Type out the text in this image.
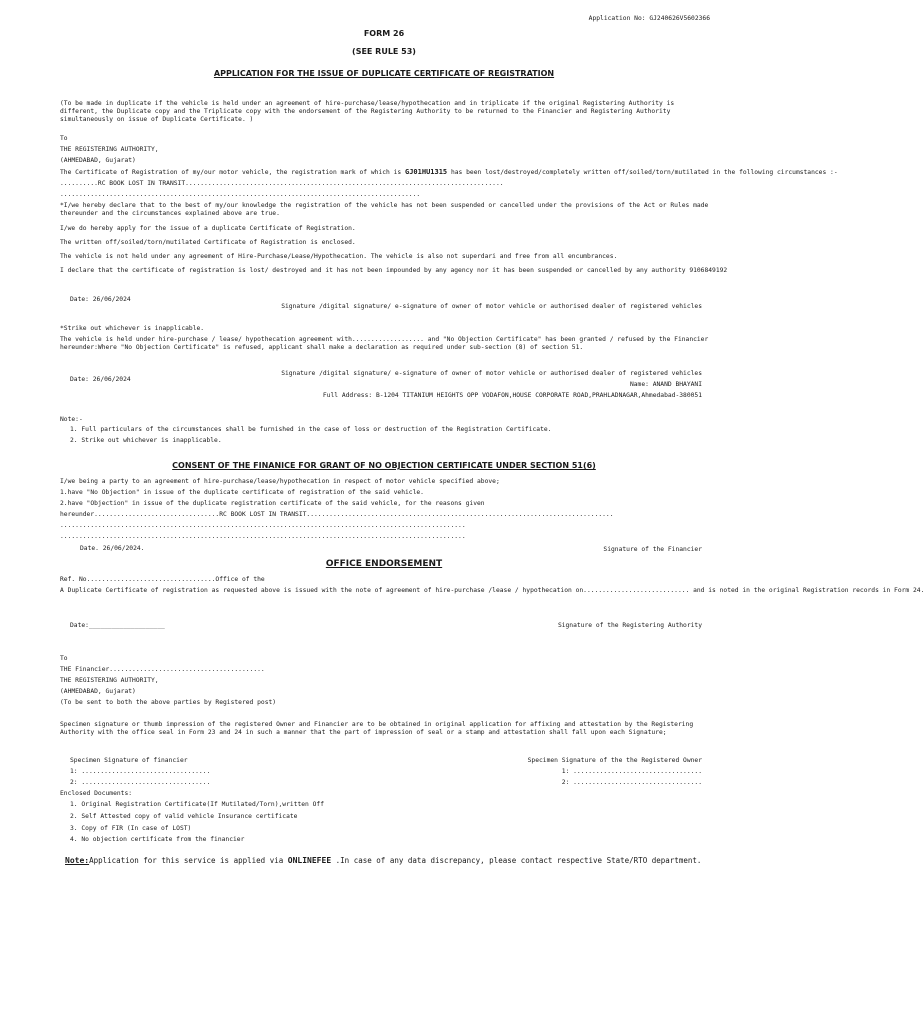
Application No: GJ240626V5602366
FORM 26
(SEE RULE 53)
APPLICATION FOR THE ISSUE OF DUPLICATE CERTIFICATE OF REGISTRATION
(To be made in duplicate if the vehicle is held under an agreement of hire-purchase/lease/hypothecation and in triplicate if the original Registering Authority is different, the Duplicate copy and the Triplicate copy with the endorsement of the Registering Authority to be returned to the Financier and Registering Authority simultaneously on issue of Duplicate Certificate. )
To
THE REGISTERING AUTHORITY,
(AHMEDABAD, Gujarat)
The Certificate of Registration of my/our motor vehicle, the registration mark of which is GJ01HU1315 has been lost/destroyed/completely written off/soiled/torn/mutilated in the following circumstances :-
..........RC BOOK LOST IN TRANSIT....................................................................................
...............................................................................................
*I/we hereby declare that to the best of my/our knowledge the registration of the vehicle has not been suspended or cancelled under the provisions of the Act or Rules made thereunder and the circumstances explained above are true.
I/we do hereby apply for the issue of a duplicate Certificate of Registration.
The written off/soiled/torn/mutilated Certificate of Registration is enclosed.
The vehicle is not held under any agreement of Hire-Purchase/Lease/Hypothecation. The vehicle is also not superdari and free from all encumbrances.
I declare that the certificate of registration is lost/ destroyed and it has not been impounded by any agency nor it has been suspended or cancelled by any authority 9106849192
Date: 26/06/2024
Signature /digital signature/ e-signature of owner of motor vehicle or authorised dealer of registered vehicles
*Strike out whichever is inapplicable.
The vehicle is held under hire-purchase / lease/ hypothecation agreement with................... and "No Objection Certificate" has been granted / refused by the Financier hereunder:Where "No Objection Certificate" is refused, applicant shall make a declaration as required under sub-section (8) of section 51.
Signature /digital signature/ e-signature of owner of motor vehicle or authorised dealer of registered vehicles
Date: 26/06/2024
Name: ANAND BHAYANI
Full Address: B-1204 TITANIUM HEIGHTS OPP VODAFON,HOUSE CORPORATE ROAD,PRAHLADNAGAR,Ahmedabad-380051
Note:-
1. Full particulars of the circumstances shall be furnished in the case of loss or destruction of the Registration Certificate.
2. Strike out whichever is inapplicable.
CONSENT OF THE FINANICE FOR GRANT OF NO OBJECTION CERTIFICATE UNDER SECTION 51(6)
I/we being a party to an agreement of hire-purchase/lease/hypothecation in respect of motor vehicle specified above;
1.have "No Objection" in issue of the duplicate certificate of registration of the said vehicle.
2.have "Objection" in issue of the duplicate registration certificate of the said vehicle, for the reasons given
hereunder.................................RC BOOK LOST IN TRANSIT.................................................................................
...........................................................................................................
...........................................................................................................
Date. 26/06/2024.	Signature of the Financier
OFFICE ENDORSEMENT
Ref. No..................................Office of the
A Duplicate Certificate of registration as requested above is issued with the note of agreement of hire-purchase /lease / hypothecation on............................ and is noted in the original Registration records in Form 24.
Date:____________________	Signature of the Registering Authority
To
THE Financier.........................................
THE REGISTERING AUTHORITY,
(AHMEDABAD, Gujarat)
(To be sent to both the above parties by Registered post)
Specimen signature or thumb impression of the registered Owner and Financier are to be obtained in original application for affixing and attestation by the Registering Authority with the office seal in Form 23 and 24 in such a manner that the part of impression of seal or a stamp and attestation shall fall upon each Signature;
Specimen Signature of financier
1: ..................................
2: ..................................
Specimen Signature of the the Registered Owner
1: ..................................
2: ..................................
Enclosed Documents:
1. Original Registration Certificate(If Mutilated/Torn),written Off
2. Self Attested copy of valid vehicle Insurance certificate
3. Copy of FIR (In case of LOST)
4. No objection certificate from the financier
Note:Application for this service is applied via ONLINEFEE .In case of any data discrepancy, please contact respective State/RTO department.
